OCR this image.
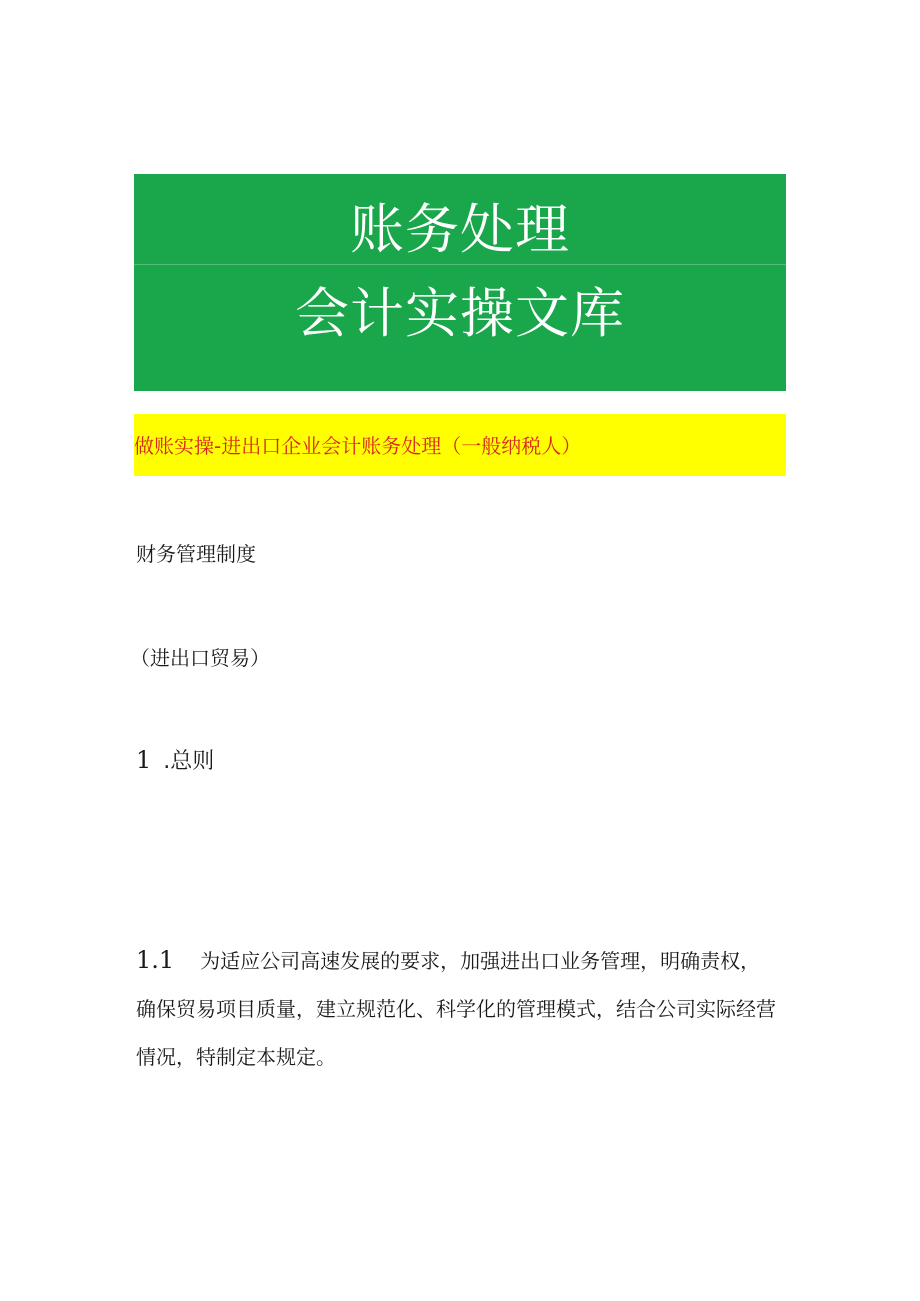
账务处理
会计实操文库
做账实操-进出口企业会计账务处理（一般纳税人）
财务管理制度
（进出口贸易）
1 .总则
1.1 为适应公司高速发展的要求，加强进出口业务管理，明确责权，确保贸易项目质量，建立规范化、科学化的管理模式，结合公司实际经营情况，特制定本规定。
